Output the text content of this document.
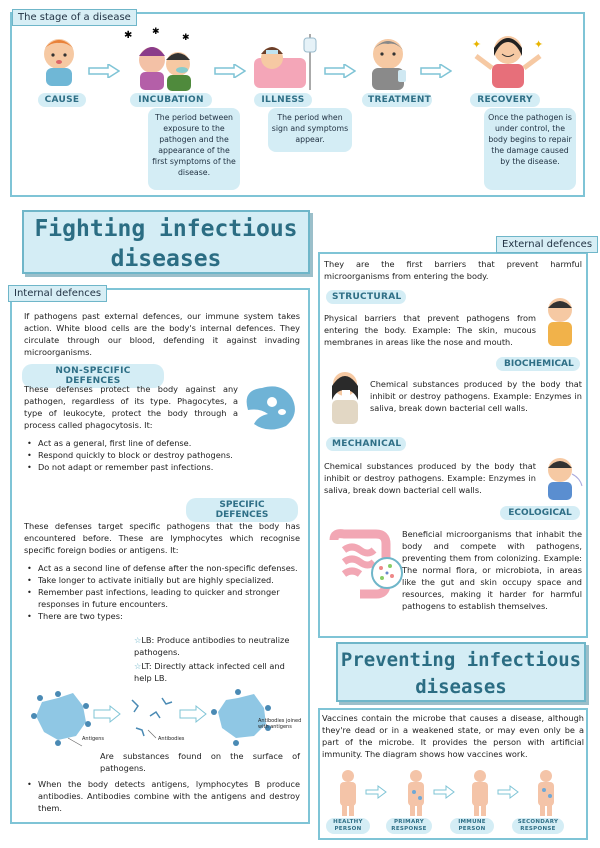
The stage of a disease
✱ ✱
✱	✦	✦
CAUSE	INCUBATION	ILLNESS	TREATMENT	RECOVERY
The period between exposure to the pathogen and the appearance of the first symptoms of the disease.
The period when sign and symptoms appear.
Once the pathogen is under control, the body begins to repair the damage caused by the disease.
Fighting infectious diseases
Internal defences
If pathogens past external defences, our immune system takes action. White blood cells are the body's internal defences. They circulate through our blood, defending it against invading microorganisms.
NON-SPECIFIC DEFENCES
These defenses protect the body against any pathogen, regardless of its type. Phagocytes, a type of leukocyte, protect the body through a process called phagocytosis. It:
• Act as a general, first line of defense.
• Respond quickly to block or destroy pathogens.
• Do not adapt or remember past infections.
SPECIFIC DEFENCES
These defenses target specific pathogens that the body has encountered before. These are lymphocytes which recognise specific foreign bodies or antigens. It:
• Act as a second line of defense after the non-specific defenses.
• Take longer to activate initially but are highly specialized.
• Remember past infections, leading to quicker and stronger responses in future encounters.
• There are two types:
☆LB: Produce antibodies to neutralize pathogens.
☆LT: Directly attack infected cell and help LB.
Antigens	Antibodies
Antibodies joined with antigens
Are substances found on the surface of pathogens.
• When the body detects antigens, lymphocytes B produce antibodies. Antibodies combine with the antigens and destroy them.
External defences
They are the first barriers that prevent harmful microorganisms from entering the body.
STRUCTURAL
Physical barriers that prevent pathogens from entering the body. Example: The skin, mucous membranes in areas like the nose and mouth.
BIOCHEMICAL
Chemical substances produced by the body that inhibit or destroy pathogens. Example: Enzymes in saliva, break down bacterial cell walls.
MECHANICAL
Chemical substances produced by the body that inhibit or destroy pathogens. Example: Enzymes in saliva, break down bacterial cell walls.
ECOLOGICAL
Beneficial microorganisms that inhabit the body and compete with pathogens, preventing them from colonizing. Example: The normal flora, or microbiota, in areas like the gut and skin occupy space and resources, making it harder for harmful pathogens to establish themselves.
Preventing infectious diseases
Vaccines contain the microbe that causes a disease, although they're dead or in a weakened state, or may even only be a part of the microbe. It provides the person with artificial immunity. The diagram shows how vaccines work.
HEALTHY PERSON
PRIMARY RESPONSE
IMMUNE PERSON
SECONDARY RESPONSE
